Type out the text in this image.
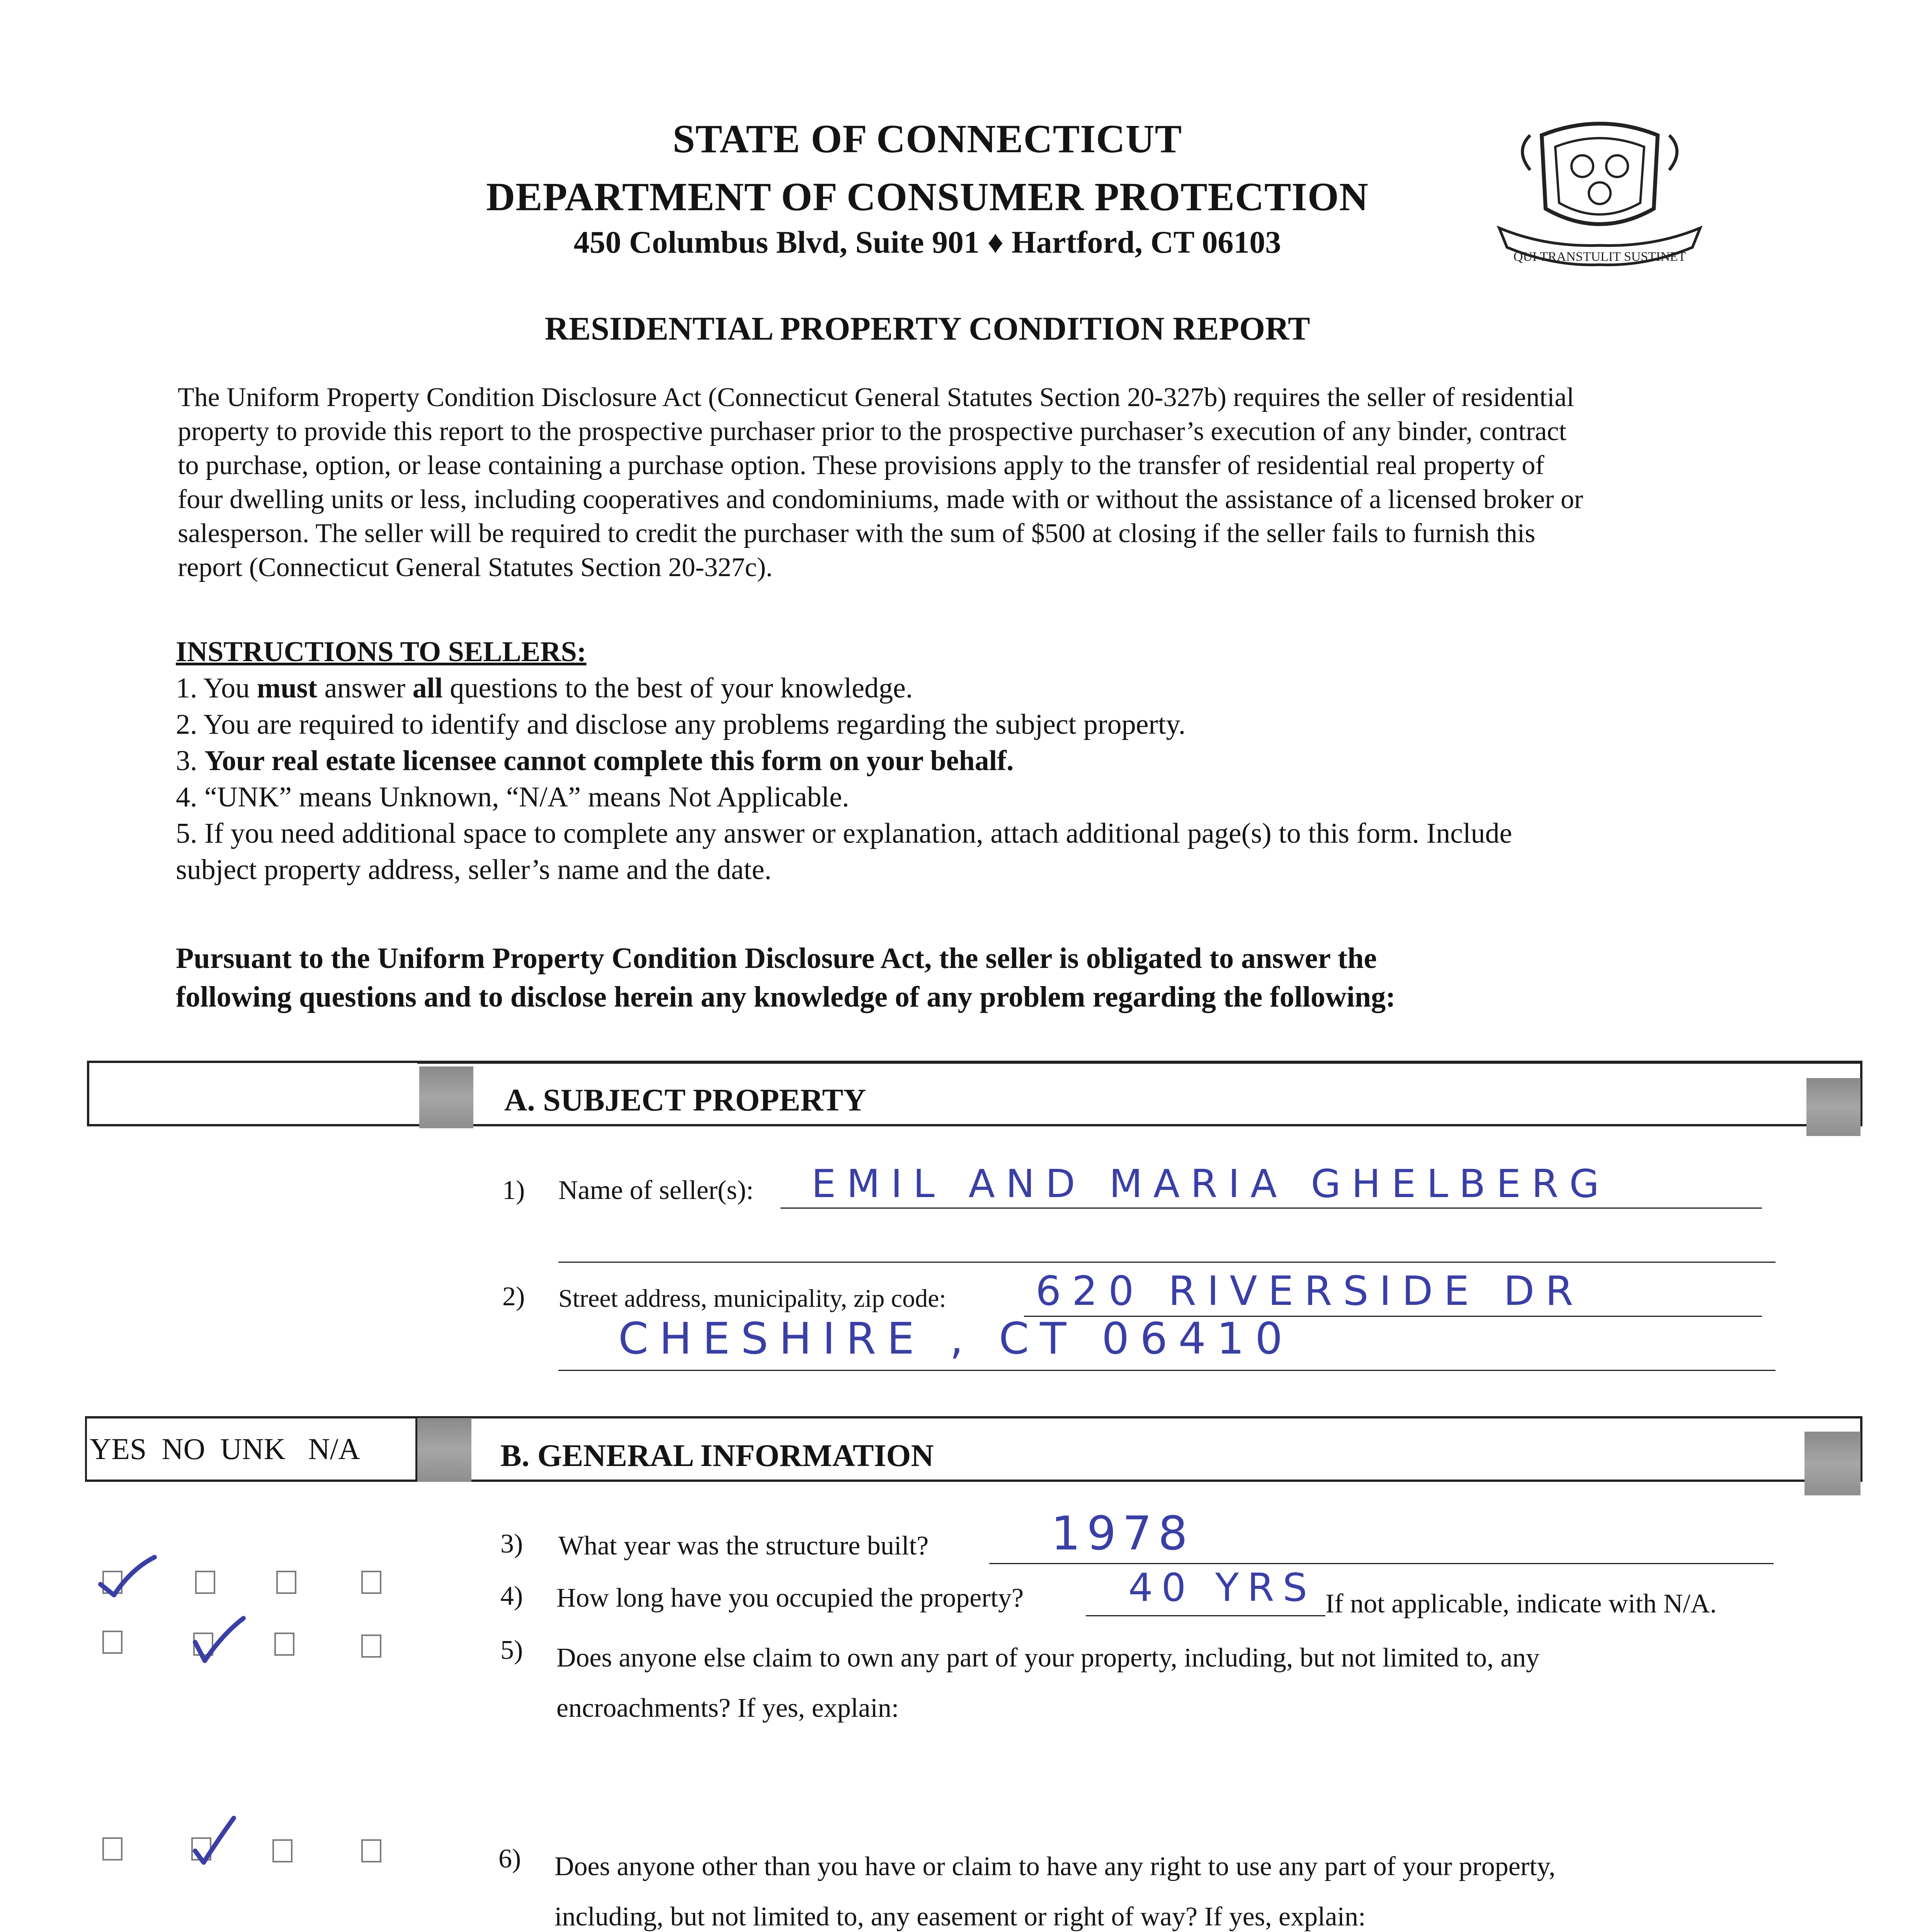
STATE OF CONNECTICUT
DEPARTMENT OF CONSUMER PROTECTION
450 Columbus Blvd, Suite 901 ♦ Hartford, CT 06103	QUI TRANSTULIT SUSTINET
RESIDENTIAL PROPERTY CONDITION REPORT
The Uniform Property Condition Disclosure Act (Connecticut General Statutes Section 20-327b) requires the seller of residential
property to provide this report to the prospective purchaser prior to the prospective purchaser’s execution of any binder, contract
to purchase, option, or lease containing a purchase option. These provisions apply to the transfer of residential real property of
four dwelling units or less, including cooperatives and condominiums, made with or without the assistance of a licensed broker or
salesperson. The seller will be required to credit the purchaser with the sum of $500 at closing if the seller fails to furnish this
report (Connecticut General Statutes Section 20-327c).
INSTRUCTIONS TO SELLERS:
1. You must answer all questions to the best of your knowledge.
2. You are required to identify and disclose any problems regarding the subject property.
3. Your real estate licensee cannot complete this form on your behalf.
4. “UNK” means Unknown, “N/A” means Not Applicable.
5. If you need additional space to complete any answer or explanation, attach additional page(s) to this form. Include
subject property address, seller’s name and the date.
Pursuant to the Uniform Property Condition Disclosure Act, the seller is obligated to answer the
following questions and to disclose herein any knowledge of any problem regarding the following:
A. SUBJECT PROPERTY
1) Name of seller(s): EMIL AND MARIA GHELBERG
2) Street address, municipality, zip code: 620 RIVERSIDE DR
CHESHIRE , CT 06410
YES  NO  UNK   N/A	B. GENERAL INFORMATION
3) What year was the structure built?	1978
4) How long have you occupied the property?	40 YRS If not applicable, indicate with N/A.
5) Does anyone else claim to own any part of your property, including, but not limited to, any
encroachments? If yes, explain:
6) Does anyone other than you have or claim to have any right to use any part of your property,
including, but not limited to, any easement or right of way? If yes, explain:
